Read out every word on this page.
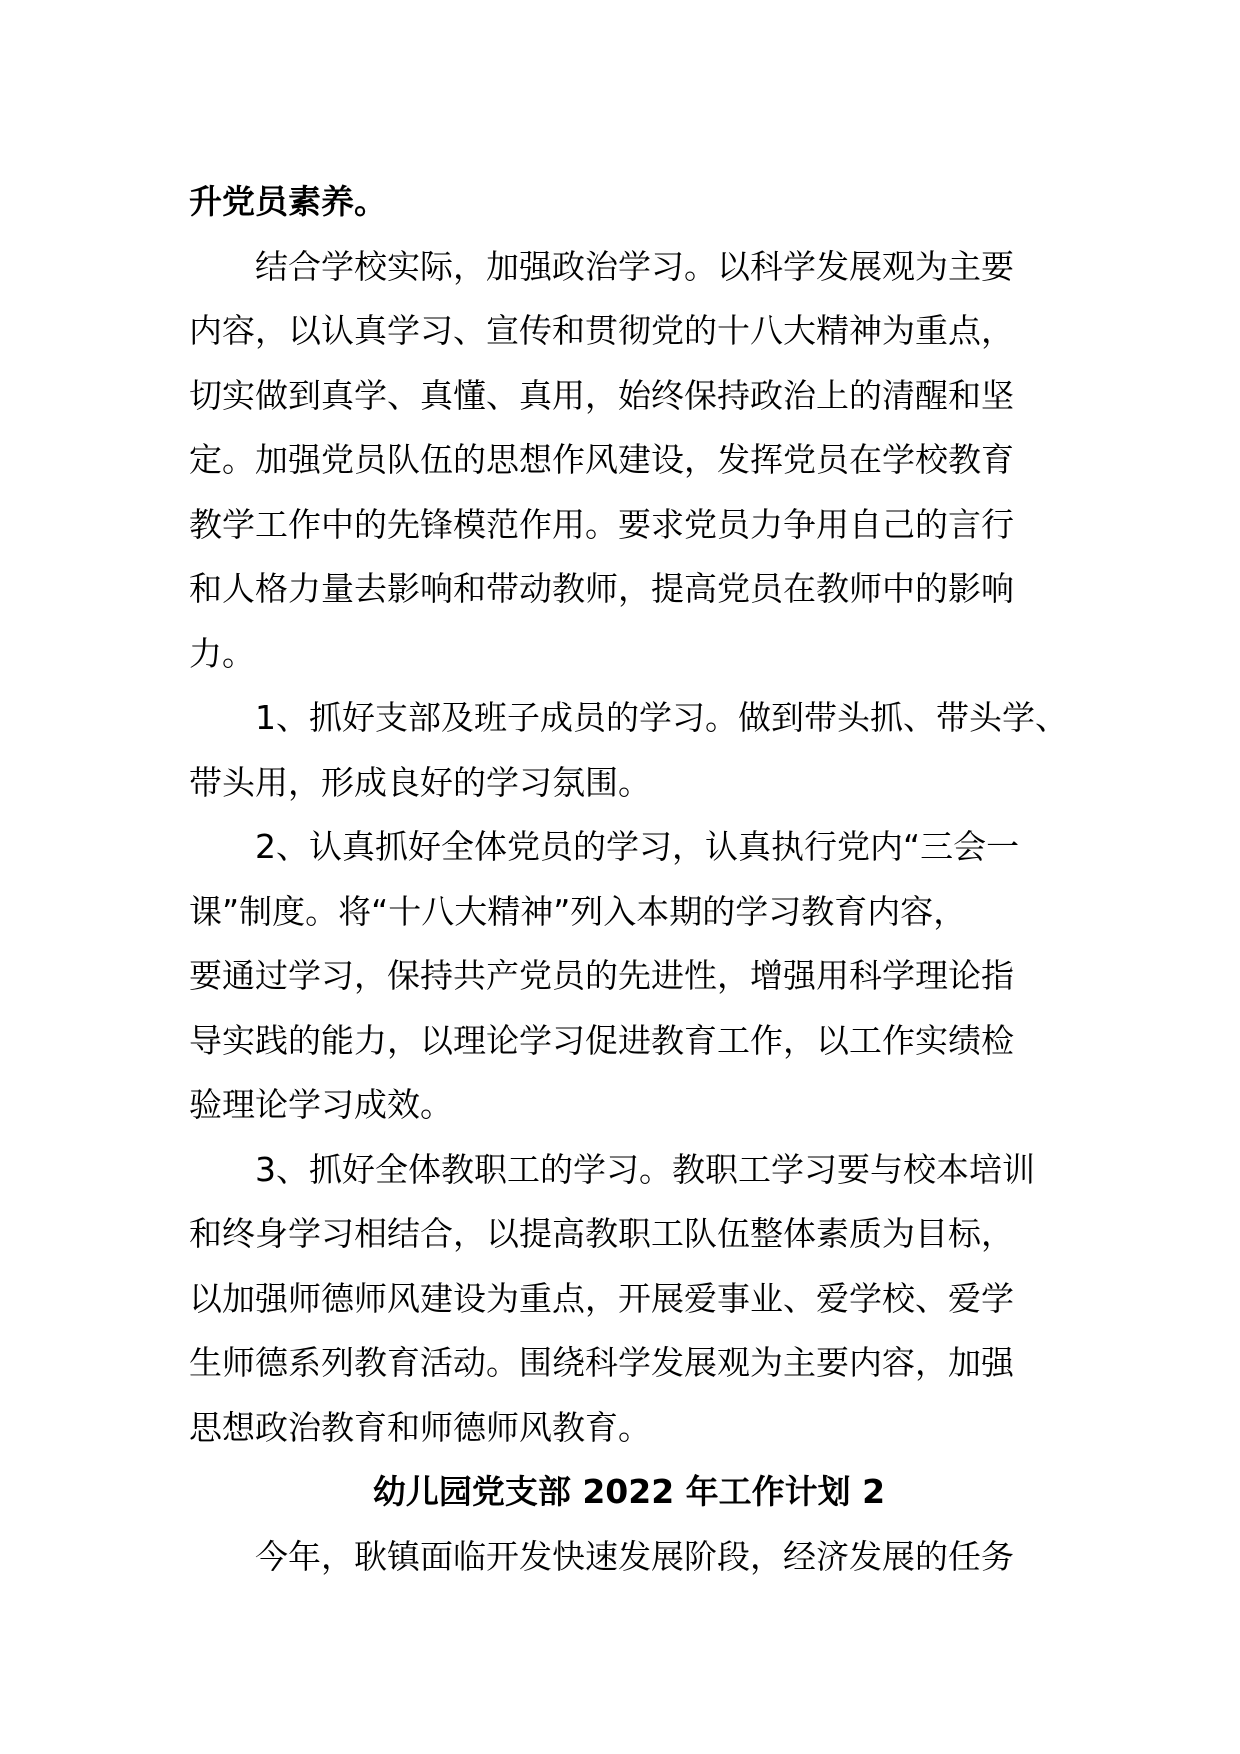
升党员素养。
结合学校实际，加强政治学习。以科学发展观为主要
内容，以认真学习、宣传和贯彻党的十八大精神为重点，
切实做到真学、真懂、真用，始终保持政治上的清醒和坚
定。加强党员队伍的思想作风建设，发挥党员在学校教育
教学工作中的先锋模范作用。要求党员力争用自己的言行
和人格力量去影响和带动教师，提高党员在教师中的影响
力。
1、抓好支部及班子成员的学习。做到带头抓、带头学、
带头用，形成良好的学习氛围。
2、认真抓好全体党员的学习，认真执行党内“三会一
课”制度。将“十八大精神”列入本期的学习教育内容，
要通过学习，保持共产党员的先进性，增强用科学理论指
导实践的能力，以理论学习促进教育工作，以工作实绩检
验理论学习成效。
3、抓好全体教职工的学习。教职工学习要与校本培训
和终身学习相结合，以提高教职工队伍整体素质为目标，
以加强师德师风建设为重点，开展爱事业、爱学校、爱学
生师德系列教育活动。围绕科学发展观为主要内容，加强
思想政治教育和师德师风教育。
幼儿园党支部 2022 年工作计划 2
今年，耿镇面临开发快速发展阶段，经济发展的任务
